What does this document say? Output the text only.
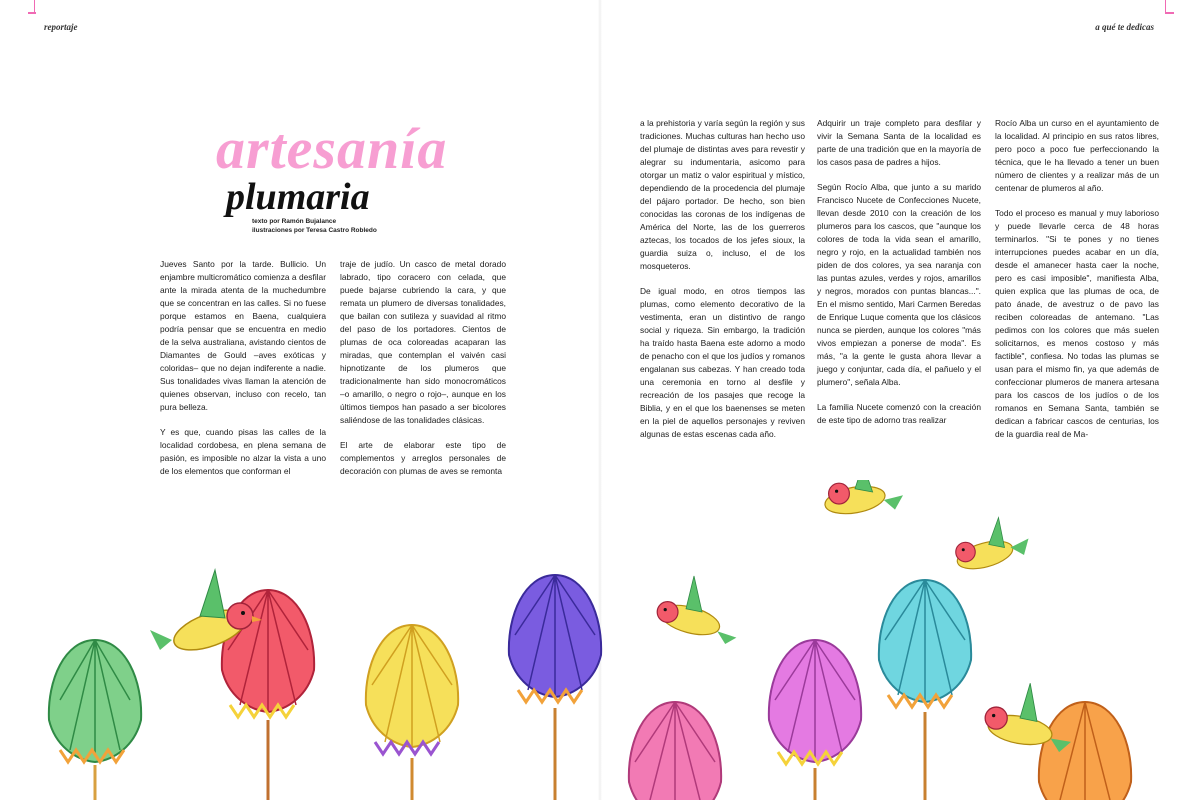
reportaje
artesanía
plumaria
texto por Ramón Bujalance
ilustraciones por Teresa Castro Robledo

Jueves Santo por la tarde. Bullicio. Un enjambre multicromático comienza a desfilar ante la mirada atenta de la muchedumbre que se concentran en las calles. Si no fuese porque estamos en Baena, cualquiera podría pensar que se encuentra en medio de la selva australiana, avistando cientos de Diamantes de Gould –aves exóticas y coloridas– que no dejan indiferente a nadie. Sus tonalidades vivas llaman la atención de quienes observan, incluso con recelo, tan pura belleza.

Y es que, cuando pisas las calles de la localidad cordobesa, en plena semana de pasión, es imposible no alzar la vista a uno de los elementos que conforman el

traje de judío. Un casco de metal dorado labrado, tipo coracero con celada, que puede bajarse cubriendo la cara, y que remata un plumero de diversas tonalidades, que bailan con sutileza y suavidad al ritmo del paso de los portadores. Cientos de plumas de oca coloreadas acaparan las miradas, que contemplan el vaivén casi hipnotizante de los plumeros que tradicionalmente han sido monocromáticos –o amarillo, o negro o rojo–, aunque en los últimos tiempos han pasado a ser bicolores saliéndose de las tonalidades clásicas.

El arte de elaborar este tipo de complementos y arreglos personales de decoración con plumas de aves se remonta

a qué te dedicas

a la prehistoria y varía según la región y sus tradiciones. Muchas culturas han hecho uso del plumaje de distintas aves para revestir y alegrar su indumentaria, asicomo para otorgar un matiz o valor espiritual y místico, dependiendo de la procedencia del plumaje del pájaro portador. De hecho, son bien conocidas las coronas de los indígenas de América del Norte, las de los guerreros aztecas, los tocados de los jefes sioux, la guardia suiza o, incluso, el de los mosqueteros.

De igual modo, en otros tiempos las plumas, como elemento decorativo de la vestimenta, eran un distintivo de rango social y riqueza. Sin embargo, la tradición ha traído hasta Baena este adorno a modo de penacho con el que los judíos y romanos engalanan sus cabezas. Y han creado toda una ceremonia en torno al desfile y recreación de los pasajes que recoge la Biblia, y en el que los baenenses se meten en la piel de aquellos personajes y reviven algunas de estas escenas cada año.

Adquirir un traje completo para desfilar y vivir la Semana Santa de la localidad es parte de una tradición que en la mayoría de los casos pasa de padres a hijos.

Según Rocío Alba, que junto a su marido Francisco Nucete de Confecciones Nucete, llevan desde 2010 con la creación de los plumeros para los cascos, que "aunque los colores de toda la vida sean el amarillo, negro y rojo, en la actualidad también nos piden de dos colores, ya sea naranja con las puntas azules, verdes y rojos, amarillos y negros, morados con puntas blancas...". En el mismo sentido, Mari Carmen Beredas de Enrique Luque comenta que los clásicos nunca se pierden, aunque los colores "más vivos empiezan a ponerse de moda". Es más, "a la gente le gusta ahora llevar a juego y conjuntar, cada día, el pañuelo y el plumero", señala Alba.

La familia Nucete comenzó con la creación de este tipo de adorno tras realizar

Rocío Alba un curso en el ayuntamiento de la localidad. Al principio en sus ratos libres, pero poco a poco fue perfeccionando la técnica, que le ha llevado a tener un buen número de clientes y a realizar más de un centenar de plumeros al año.

Todo el proceso es manual y muy laborioso y puede llevarle cerca de 48 horas terminarlos. "Si te pones y no tienes interrupciones puedes acabar en un día, desde el amanecer hasta caer la noche, pero es casi imposible", manifiesta Alba, quien explica que las plumas de oca, de pato ánade, de avestruz o de pavo las reciben coloreadas de antemano. "Las pedimos con los colores que más suelen solicitarnos, es menos costoso y más factible", confiesa. No todas las plumas se usan para el mismo fin, ya que además de confeccionar plumeros de manera artesana para los cascos de los judíos o de los romanos en Semana Santa, también se dedican a fabricar cascos de centurias, los de la guardia real de Ma-
